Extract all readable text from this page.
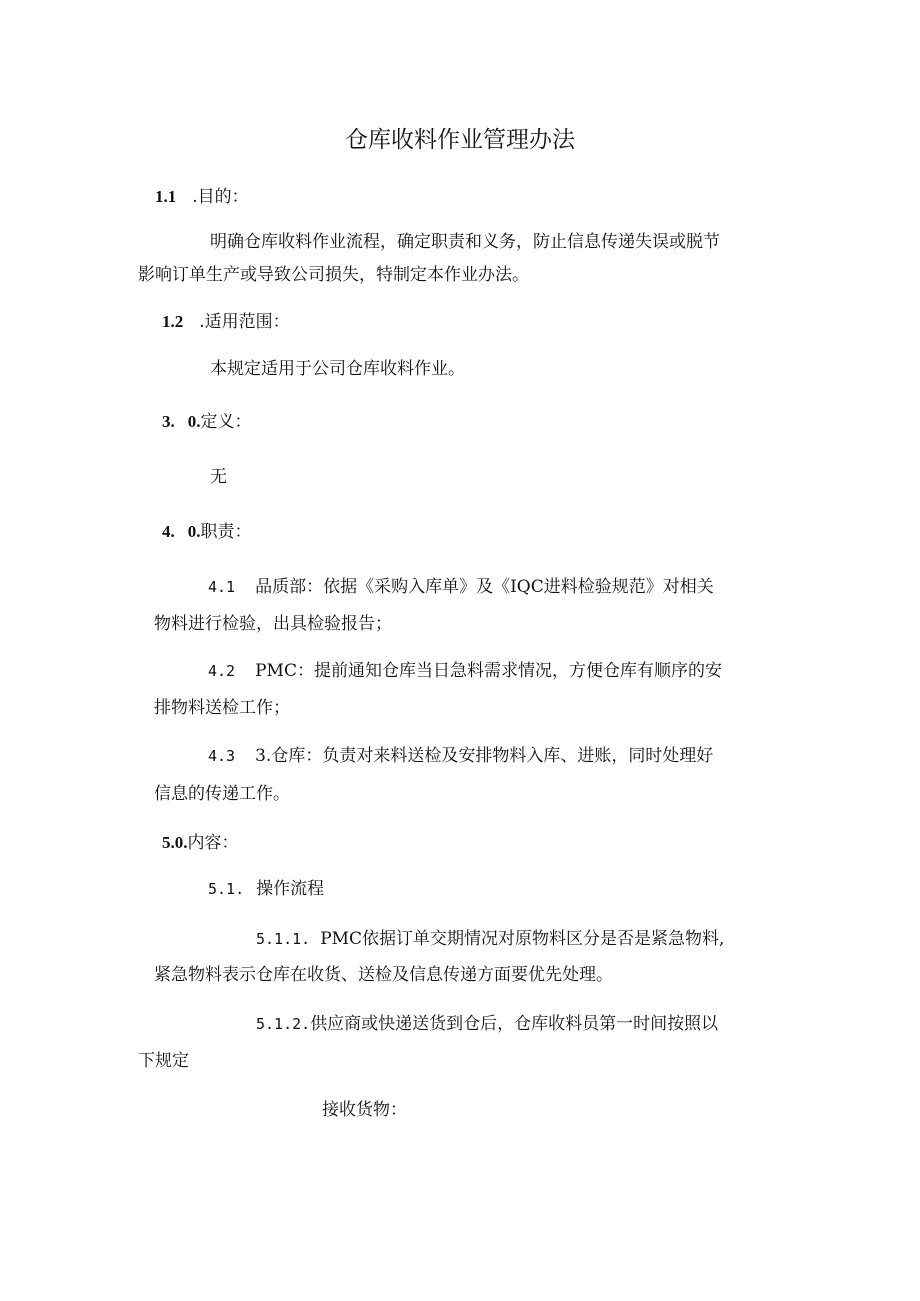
仓库收料作业管理办法
1.1 .目的：
明确仓库收料作业流程，确定职责和义务，防止信息传递失误或脱节
影响订单生产或导致公司损失，特制定本作业办法。
1.2 .适用范围：
本规定适用于公司仓库收料作业。
3. 0.定义：
无
4. 0.职责：
4.1 品质部：依据《采购入库单》及《IQC进料检验规范》对相关
物料进行检验，出具检验报告；
4.2 PMC：提前通知仓库当日急料需求情况，方便仓库有顺序的安
排物料送检工作；
4.3 3.仓库：负责对来料送检及安排物料入库、进账，同时处理好
信息的传递工作。
5.0.内容：
5.1. 操作流程
5.1.1. PMC依据订单交期情况对原物料区分是否是紧急物料,
紧急物料表示仓库在收货、送检及信息传递方面要优先处理。
5.1.2.供应商或快递送货到仓后，仓库收料员第一时间按照以
下规定
接收货物：
